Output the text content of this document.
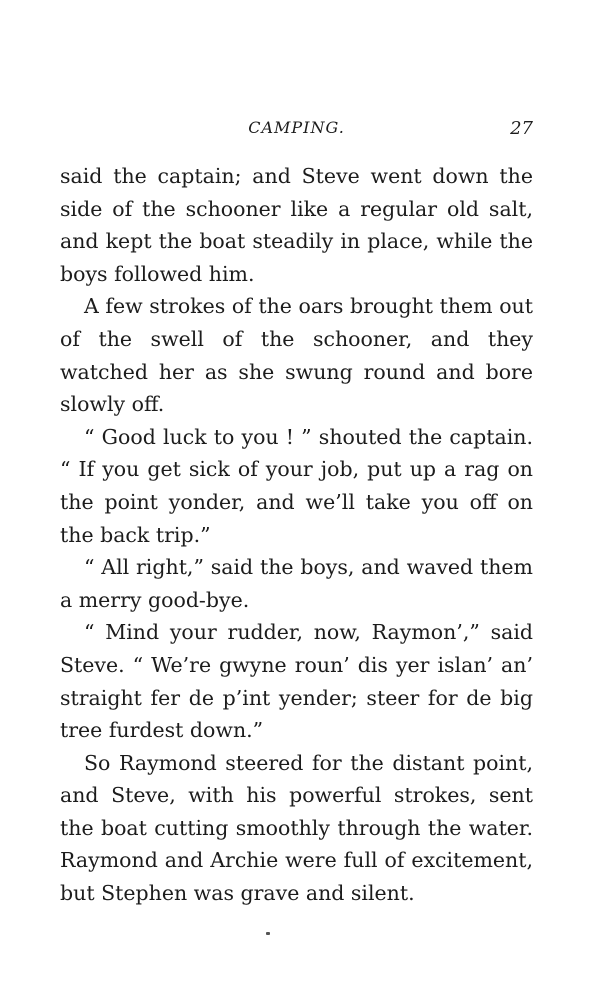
CAMPING.	27

said the captain; and Steve went down the side of the schooner like a regular old salt, and kept the boat steadily in place, while the boys followed him.

A few strokes of the oars brought them out of the swell of the schooner, and they watched her as she swung round and bore slowly off.

“ Good luck to you ! ” shouted the captain. “ If you get sick of your job, put up a rag on the point yonder, and we’ll take you off on the back trip.”

“ All right,” said the boys, and waved them a merry good-bye.

“ Mind your rudder, now, Raymon’,” said Steve. “ We’re gwyne roun’ dis yer islan’ an’ straight fer de p’int yender; steer for de big tree furdest down.”

So Raymond steered for the distant point, and Steve, with his powerful strokes, sent the boat cutting smoothly through the water. Raymond and Archie were full of excitement, but Stephen was grave and silent.
